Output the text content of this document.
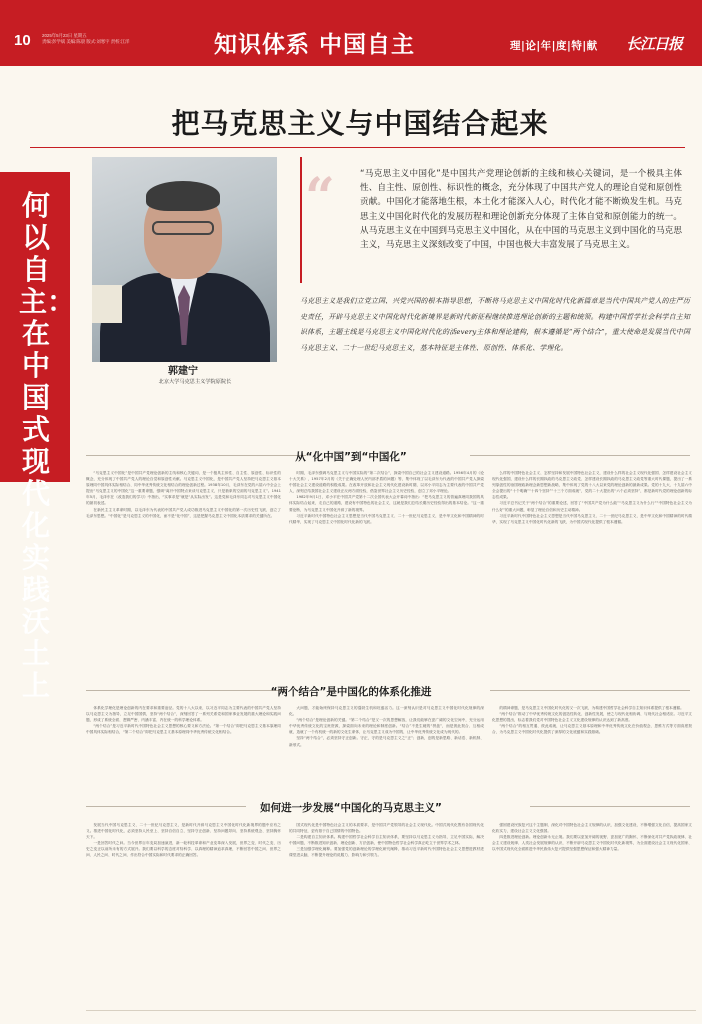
10	2025年5月23日 星期五
责编:彭学斌 美编:陈晨 版式:刘寒宇 责校:江洋	知识体系 中国自主	理|论|年|度|特|献 长江日报
把马克思主义与中国结合起来
何以自主：在中国式现代化实践沃土上
郭建宁
北京大学马克思主义学院原院长
“	“马克思主义中国化”是中国共产党理论创新的主线和核心关键词，是一个极具主体性、自主性、原创性、标识性的概念，充分体现了中国共产党人的理论自觉和原创性贡献。中国化才能落地生根，本土化才能深入人心，时代化才能不断焕发生机。马克思主义中国化时代化的发展历程和理论创新充分体现了主体自觉和原创能力的统一。从马克思主义在中国到马克思主义中国化，从在中国的马克思主义到中国化的马克思主义，马克思主义深刻改变了中国，中国也极大丰富发展了马克思主义。

马克思主义是我们立党立国、兴党兴国的根本指导思想，不断将马克思主义中国化时代化新篇章是当代中国共产党人的庄严历史责任，开辟马克思主义中国化时代化新境界是新时代新征程继续推进理论创新的主题和统领。构建中国哲学社会科学自主知识体系，主题主线是马克思主义中国化时代化的活every主体和理论建构，根本遵循是“两个结合”，重大使命是发展当代中国马克思主义、二十一世纪马克思主义，基本特征是主体性、原创性、体系化、学理化。

从“化中国”到“中国化”

“马克思主义中国化”是中国共产党理论创新的主线和核心关键词，是一个极具主体性、自主性、原创性、标识性的概念，充分体现了中国共产党人的理论自觉和原创性贡献。马克思主义中国化，是中国共产党人坚持把马克思主义基本原理同中国具体实际相结合、同中华优秀传统文化相结合的理论创新过程。1938年10月，毛泽东在党的六届六中全会上提出“马克思主义的中国化”这一重要命题，强调“离开中国特点来谈马克思主义，只是抽象的空洞的马克思主义”。1941年5月，毛泽东在《改造我们的学习》中指出，“实事求是”就是“从实际出发”。这是党和毛泽东同志对马克思主义中国化的最初表述。

在新民主主义革命时期，以毛泽东为代表的中国共产党人成功推进马克思主义中国化的第一次历史性飞跃，创立了毛泽东思想。“中国化”是马克思主义的中国化，而不是“化中国”，这是把握马克思主义中国化本质要求的关键所在。

时期，毛泽东强调马克思主义与中国实际的“第二次结合”，探索中国自己的社会主义建设道路。1956年4月的《论十大关系》，1957年2月的《关于正确处理人民内部矛盾的问题》等，集中体现了以毛泽东为代表的中国共产党人探索中国社会主义建设道路的积极成果。在改革开放和社会主义现代化建设新时期，以邓小平同志为主要代表的中国共产党人，深刻总结我国社会主义建设正反两方面经验，借鉴世界社会主义历史经验，创立了邓小平理论。

1982年9月1日，邓小平在中国共产党第十二次全国代表大会开幕词中指出：“把马克思主义的普遍真理同我国的具体实际结合起来，走自己的道路，建设有中国特色的社会主义，这就是我们总结长期历史经验得出的基本结论。”这一重要论断，为马克思主义中国化开辟了新的境界。

习近平新时代中国特色社会主义思想是当代中国马克思主义、二十一世纪马克思主义，是中华文化和中国精神的时代精华，实现了马克思主义中国化时代化新的飞跃。

么样的中国特色社会主义、怎样坚持和发展中国特色社会主义，建设什么样的社会主义现代化强国、怎样建设社会主义现代化强国，建设什么样的长期执政的马克思主义政党、怎样建设长期执政的马克思主义政党等重大时代课题，提出了一系列原创性的治国理政新理念新思想新战略，集中体现了党的十八大以来党的理论创新的最新成果。党的十九大、十九届六中全会提出的“十个明确”“十四个坚持”“十三个方面成就”，党的二十大提出的“六个必须坚持”，都是新时代党的理论创新的标志性成果。

习近平总书记关于“两个结合”的重要论述，回答了“中国共产党为什么能”“马克思主义为什么行”“中国特色社会主义为什么好”的重大问题，彰显了理论自信和历史主动精神。

习近平新时代中国特色社会主义思想是当代中国马克思主义、二十一世纪马克思主义，是中华文化和中国精神的时代精华，实现了马克思主义中国化时代化新的飞跃，为中国式现代化提供了根本遵循。

“两个结合”是中国化的体系化推进

体系化学理化是理论创新的内在要求和重要途径。党的十八大以来，以习近平同志为主要代表的中国共产党人坚持以马克思主义为指导，立足中国国情，坚持“两个结合”，深刻回答了一系列关系党和国家事业发展的重大理论和实践问题，形成了系统全面、逻辑严密、内涵丰富、内在统一的科学理论体系。

“两个结合”是习近平新时代中国特色社会主义思想的核心要义和方法论。“第一个结合”即把马克思主义基本原理同中国具体实际相结合，“第二个结合”即把马克思主义基本原理同中华优秀传统文化相结合。

大问题，才能始终保持马克思主义的蓬勃生机和旺盛活力。这一深刻认识是对马克思主义中国化时代化规律的深化。

“两个结合”是理论创新的关键。“第二个结合”是又一次的思想解放，让我们能够在更广阔的文化空间中，充分运用中华优秀传统文化的宝贵资源，探索面向未来的理论和制度创新。“结合”不是生硬的“拼盘”，而是彼此契合、互相成就，造就了一个有机统一的新的文化生命体，让马克思主义成为中国的，让中华优秀传统文化成为现代的。

坚持“两个结合”，必须坚持守正创新。守正，守的是马克思主义之“正”；创新，创的是新思路、新话语、新机制、新形式。

的精神命题，是马克思主义中国化时代化的又一次飞跃，为构建中国哲学社会科学自主知识体系提供了根本遵循。

“两个结合”推动了中华优秀传统文化的创造性转化、创新性发展，使之与现代化相协调、与现代社会相适应。习近平文化思想的提出，标志着我们党对中国特色社会主义文化建设规律的认识达到了新高度。

“两个结合”的相互贯通、彼此成就，让马克思主义基本原理和中华优秀传统文化在价值观念、思维方式等方面高度契合，为马克思主义中国化时代化提供了深厚的文化底蕴和实践基础。

如何进一步发展“中国化的马克思主义”

发展当代中国马克思主义、二十一世纪马克思主义，是新时代开辟马克思主义中国化时代化新境界的题中应有之义。推进中国化时代化，必须坚持人民至上、坚持自信自立、坚持守正创新、坚持问题导向、坚持系统观念、坚持胸怀天下。

一是回答时代之问。当今世界百年变局加速演进，新一轮科技革命和产业变革深入发展，世界之变、时代之变、历史之变正以前所未有的方式展开。我们要以科学的态度对待科学、以真理的精神追求真理，不断回答中国之问、世界之问、人民之问、时代之问，作出符合中国实际和时代要求的正确回答。

国式现代化是中国特色社会主义的本质要求，是中国共产党领导的社会主义现代化。中国式现代化既有各国现代化的共同特征，更有基于自己国情的中国特色。

二是构建自主知识体系。构建中国哲学社会科学自主知识体系，要坚持以马克思主义为指导，立足中国实际，解决中国问题，不断推进知识创新、理论创新、方法创新，使中国特色哲学社会科学真正屹立于世界学术之林。

三是加强学理化阐释。要加强党的创新理论的学理化研究阐释，推动习近平新时代中国特色社会主义思想进教材进课堂进头脑，不断提升理论的说服力、影响力和引领力。

强固建设民族复兴这个主题制，深化对中国特色社会主义规律的认识，加强文化建设，不断增强文化自信，提高国家文化软实力，建设社会主义文化强国。

四是推进理论创新。理论创新永无止境。我们要以更加开阔的视野、更加宽广的胸怀，不断深化对共产党执政规律、社会主义建设规律、人类社会发展规律的认识，不断开辟马克思主义中国化时代化新境界，为全面建设社会主义现代化国家、以中国式现代化全面推进中华民族伟大复兴提供坚强思想保证和强大精神力量。
